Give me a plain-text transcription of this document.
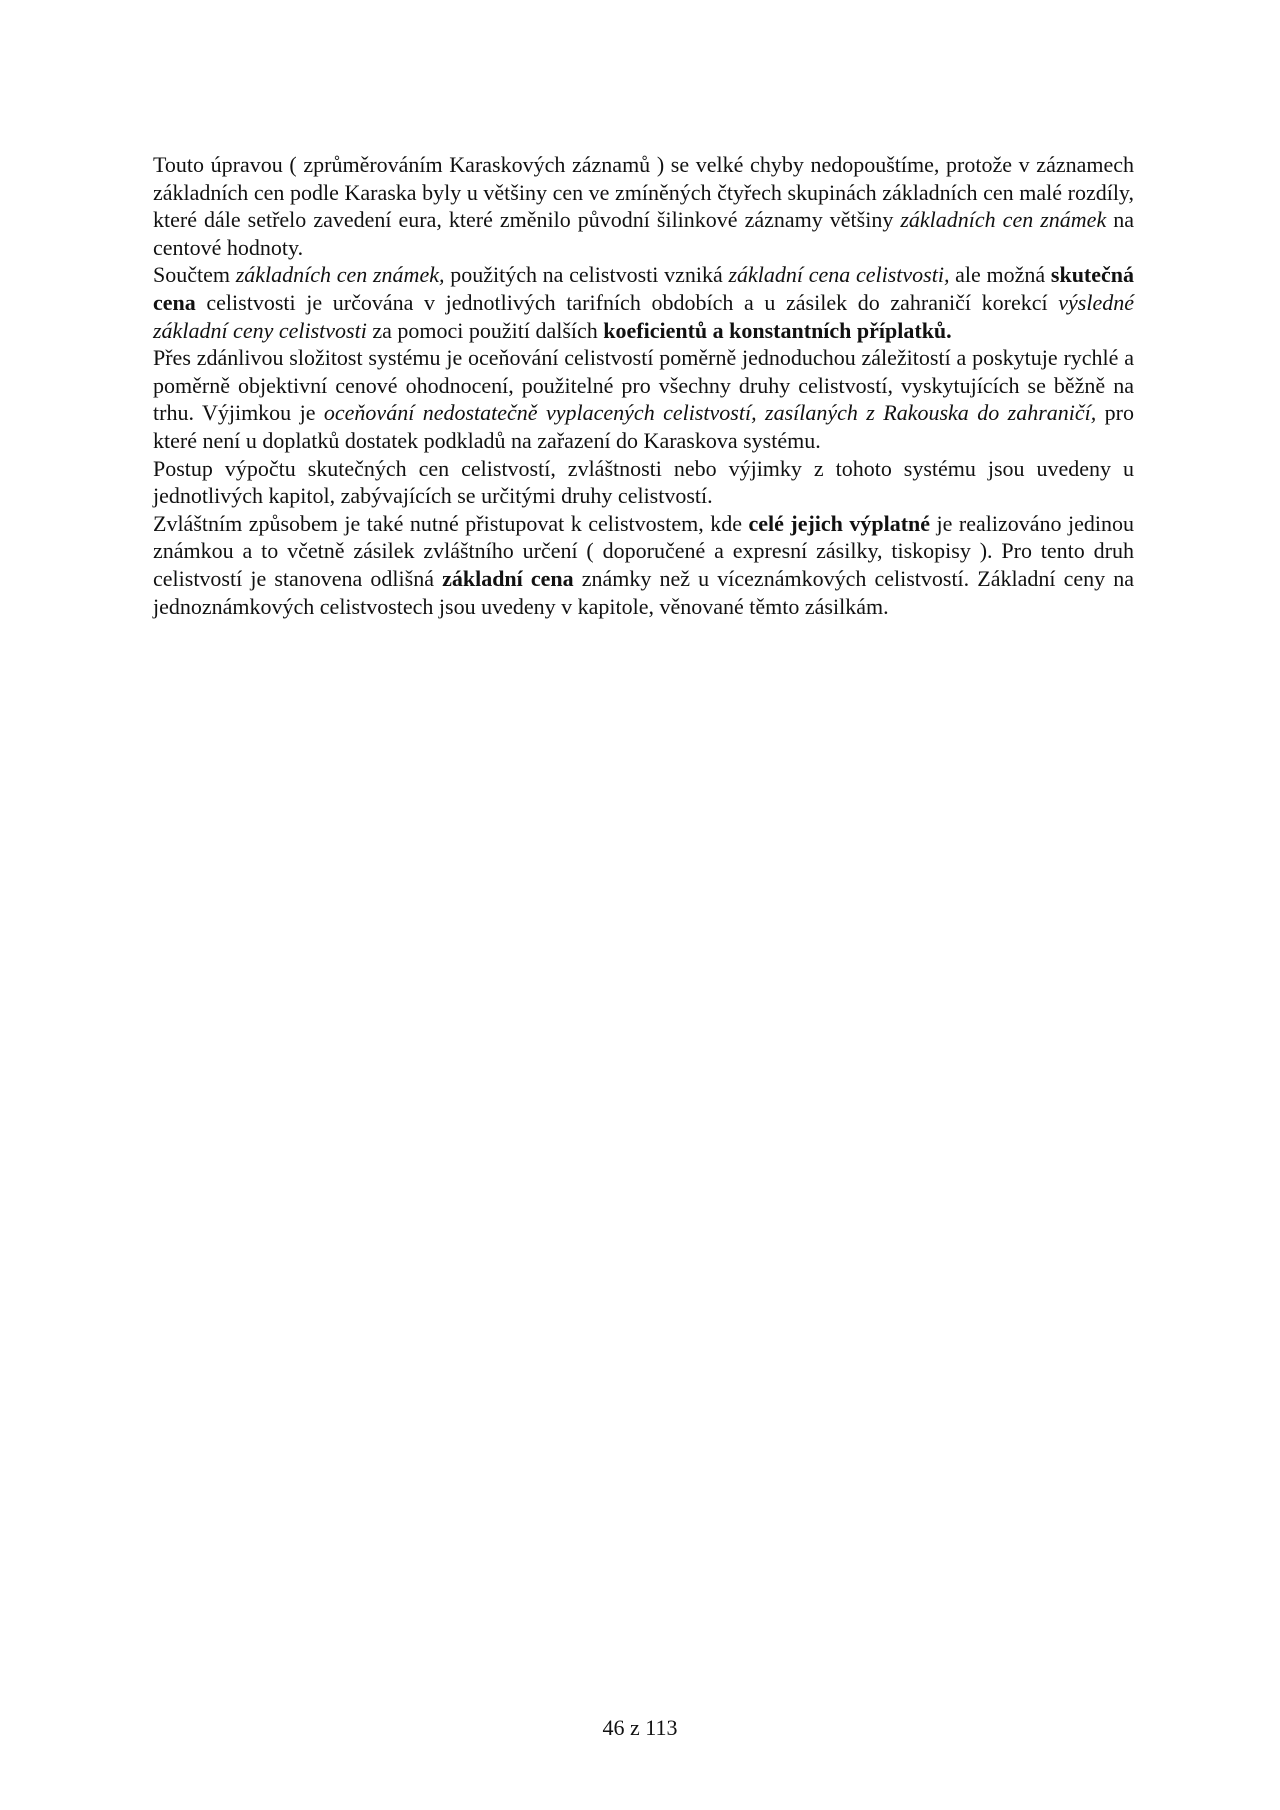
Touto úpravou ( zprůměrováním Karaskových záznamů ) se velké chyby nedopouštíme, protože v záznamech základních cen podle Karaska byly u většiny cen ve zmíněných čtyřech skupinách základních cen malé rozdíly, které dále setřelo zavedení eura, které změnilo původní šilinkové záznamy většiny základních cen známek na centové hodnoty.

Součtem základních cen známek, použitých na celistvosti vzniká základní cena celistvosti, ale možná skutečná cena celistvosti je určována v jednotlivých tarifních obdobích a u zásilek do zahraničí korekcí výsledné základní ceny celistvosti za pomoci použití dalších koeficientů a konstantních příplatků.

Přes zdánlivou složitost systému je oceňování celistvostí poměrně jednoduchou záležitostí a poskytuje rychlé a poměrně objektivní cenové ohodnocení, použitelné pro všechny druhy celistvostí, vyskytujících se běžně na trhu. Výjimkou je oceňování nedostatečně vyplacených celistvostí, zasílaných z Rakouska do zahraničí, pro které není u doplatků dostatek podkladů na zařazení do Karaskova systému.

Postup výpočtu skutečných cen celistvostí, zvláštnosti nebo výjimky z tohoto systému jsou uvedeny u jednotlivých kapitol, zabývajících se určitými druhy celistvostí.

Zvláštním způsobem je také nutné přistupovat k celistvostem, kde celé jejich výplatné je realizováno jedinou známkou a to včetně zásilek zvláštního určení ( doporučené a expresní zásilky, tiskopisy ). Pro tento druh celistvostí je stanovena odlišná základní cena známky než u víceznámkových celistvostí. Základní ceny na jednoznámkových celistvostech jsou uvedeny v kapitole, věnované těmto zásilkám.

46 z 113
